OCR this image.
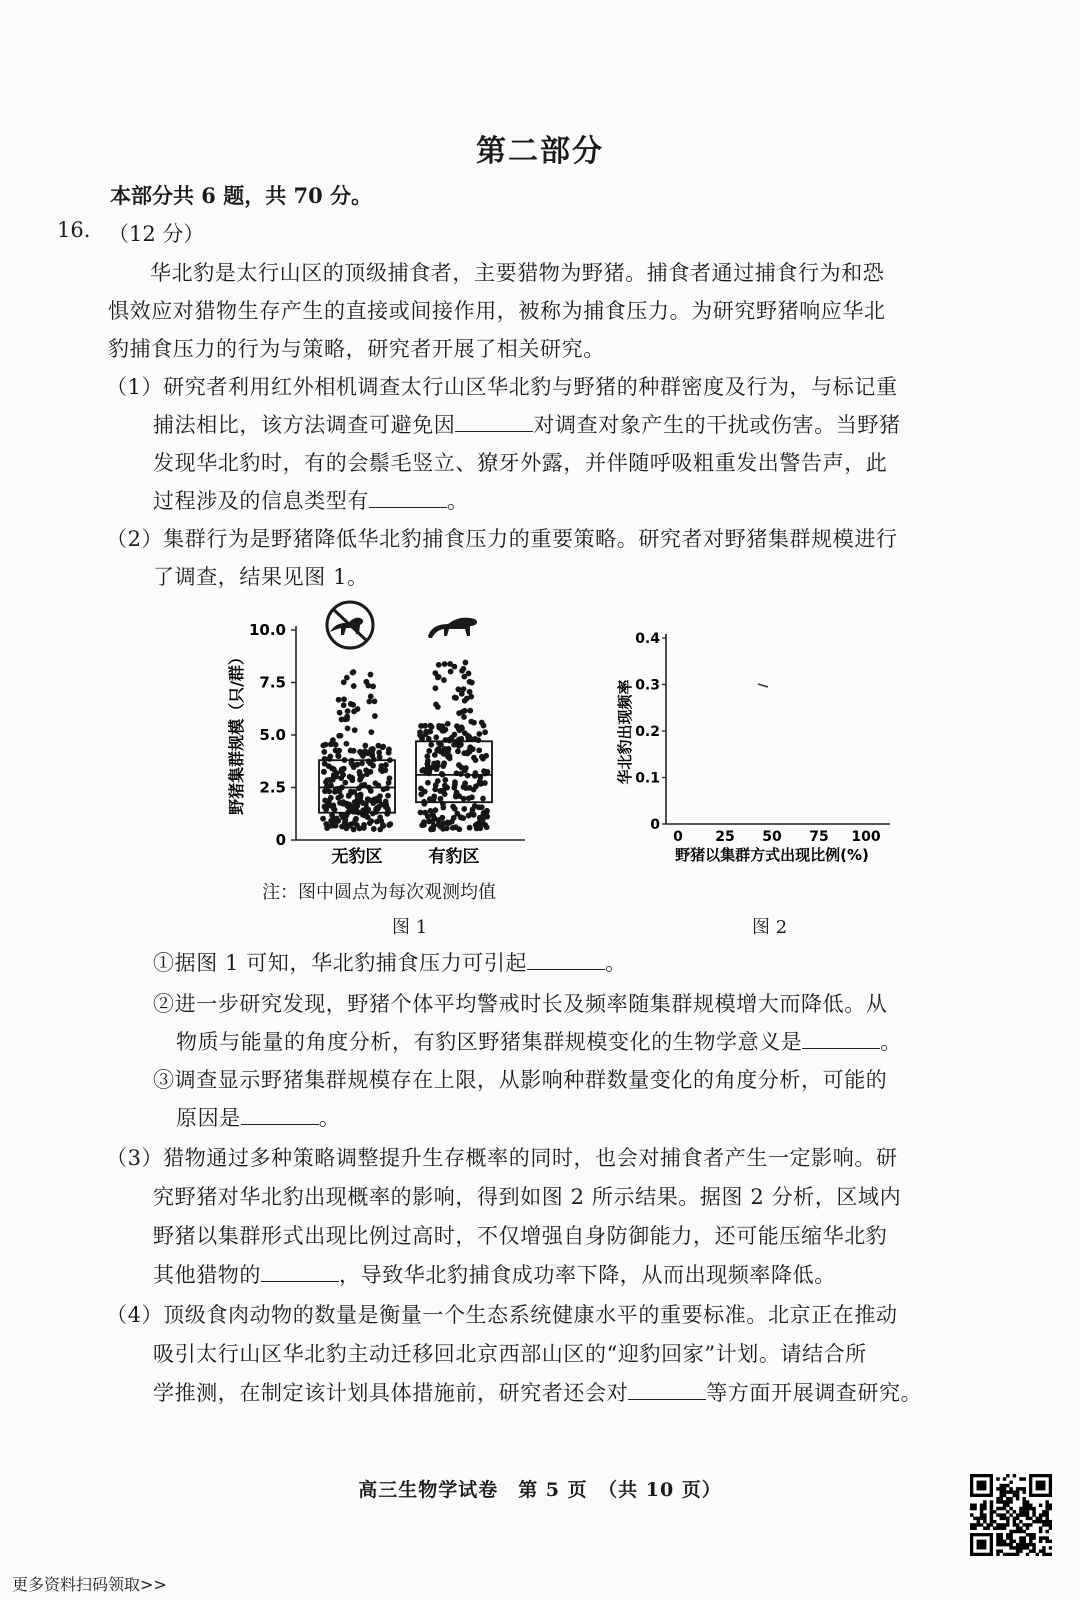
第二部分
本部分共 6 题，共 70 分。
16. （12 分）
华北豹是太行山区的顶级捕食者，主要猎物为野猪。捕食者通过捕食行为和恐
惧效应对猎物生存产生的直接或间接作用，被称为捕食压力。为研究野猪响应华北
豹捕食压力的行为与策略，研究者开展了相关研究。
（1）研究者利用红外相机调查太行山区华北豹与野猪的种群密度及行为，与标记重
捕法相比，该方法调查可避免因	对调查对象产生的干扰或伤害。当野猪
发现华北豹时，有的会鬃毛竖立、獠牙外露，并伴随呼吸粗重发出警告声，此
过程涉及的信息类型有	。
（2）集群行为是野猪降低华北豹捕食压力的重要策略。研究者对野猪集群规模进行
了调查，结果见图 1。
0
2.5
5.0
7.5
10.0
野猪集群规模（只/群）
无豹区	有豹区
注：图中圆点为每次观测均值
图 1
0
0.1
0.2
0.3
0.4
0 25 50 75 100
华北豹出现频率
野猪以集群方式出现比例(%)
图 2
①据图 1 可知，华北豹捕食压力可引起	。
②进一步研究发现，野猪个体平均警戒时长及频率随集群规模增大而降低。从
物质与能量的角度分析，有豹区野猪集群规模变化的生物学意义是	。
③调查显示野猪集群规模存在上限，从影响种群数量变化的角度分析，可能的
原因是	。
（3）猎物通过多种策略调整提升生存概率的同时，也会对捕食者产生一定影响。研
究野猪对华北豹出现概率的影响，得到如图 2 所示结果。据图 2 分析，区域内
野猪以集群形式出现比例过高时，不仅增强自身防御能力，还可能压缩华北豹
其他猎物的	，导致华北豹捕食成功率下降，从而出现频率降低。
（4）顶级食肉动物的数量是衡量一个生态系统健康水平的重要标准。北京正在推动
吸引太行山区华北豹主动迁移回北京西部山区的“迎豹回家”计划。请结合所
学推测，在制定该计划具体措施前，研究者还会对	等方面开展调查研究。
高三生物学试卷　第 5 页　（共 10 页）
更多资料扫码领取>>
